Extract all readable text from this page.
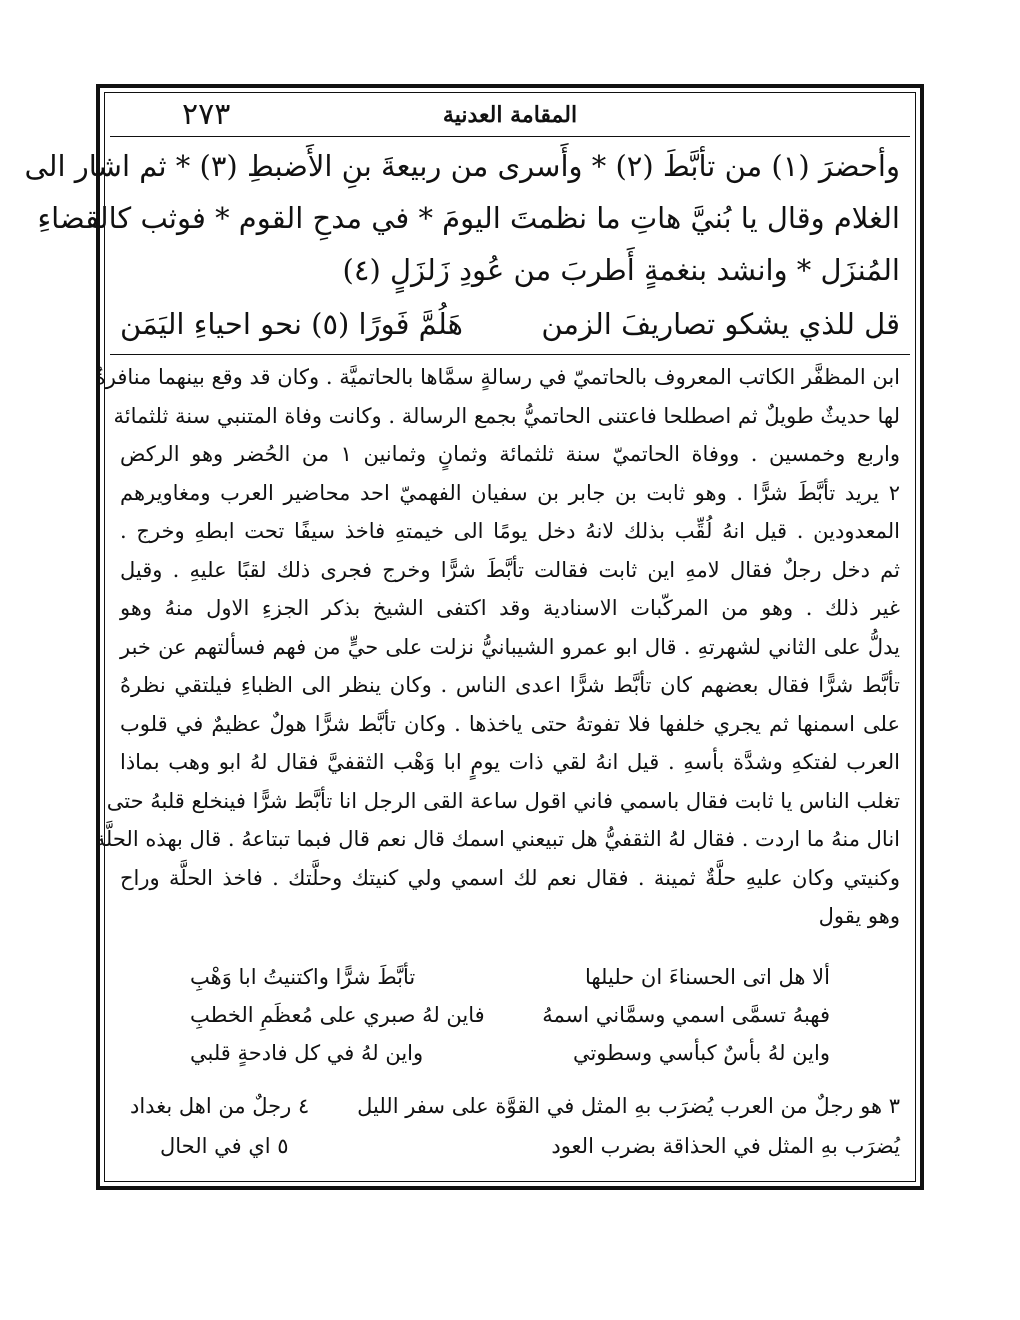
٢٧٣	المقامة العدنية
وأحضرَ (١) من تأبَّطَ (٢) * وأَسرى من ربيعةَ بنِ الأَضبطِ (٣) * ثم اشار الى
الغلام وقال يا بُنيَّ هاتِ ما نظمتَ اليومَ * في مدحِ القوم * فوثب كالقضاءِ
المُنزَل * وانشد بنغمةٍ أَطربَ من عُودِ زَلزَلٍ (٤)
قل للذي يشكو تصاريفَ الزمن
هَلُمَّ فَورًا (٥) نحو احياءِ اليَمَن
ابن المظفَّر الكاتب المعروف بالحاتميّ في رسالةٍ سمَّاها بالحاتميَّة . وكان قد وقع بينهما منافرةٌ
لها حديثٌ طويلٌ ثم اصطلحا فاعتنى الحاتميُّ بجمع الرسالة . وكانت وفاة المتنبي سنة ثلثمائة
واربع وخمسين . ووفاة الحاتميّ سنة ثلثمائة وثمانٍ وثمانين ١ من الحُضر وهو الركض
٢ يريد تأبَّطَ شرًّا . وهو ثابت بن جابر بن سفيان الفهميّ احد محاضير العرب ومغاويرهم
المعدودين . قيل انهُ لُقِّب بذلك لانهُ دخل يومًا الى خيمتهِ فاخذ سيفًا تحت ابطهِ وخرج .
ثم دخل رجلٌ فقال لامهِ اين ثابت فقالت تأبَّطَ شرًّا وخرج فجرى ذلك لقبًا عليهِ . وقيل
غير ذلك . وهو من المركّبات الاسنادية وقد اكتفى الشيخ بذكر الجزءِ الاول منهُ وهو
يدلُّ على الثاني لشهرتهِ . قال ابو عمرو الشيبانيُّ نزلت على حيٍّ من فهم فسألتهم عن خبر
تأبَّط شرًّا فقال بعضهم كان تأبَّط شرًّا اعدى الناس . وكان ينظر الى الظباءِ فيلتقي نظرهُ
على اسمنها ثم يجري خلفها فلا تفوتهُ حتى ياخذها . وكان تأبَّط شرًّا هولٌ عظيمٌ في قلوب
العرب لفتكهِ وشدَّة بأسهِ . قيل انهُ لقي ذات يومٍ ابا وَهْب الثقفيَّ فقال لهُ ابو وهب بماذا
تغلب الناس يا ثابت فقال باسمي فاني اقول ساعة القى الرجل انا تأبَّط شرًّا فينخلع قلبهُ حتى
انال منهُ ما اردت . فقال لهُ الثقفيُّ هل تبيعني اسمك قال نعم قال فبما تبتاعهُ . قال بهذه الحلَّة
وكنيتي وكان عليهِ حلَّةٌ ثمينة . فقال نعم لك اسمي ولي كنيتك وحلَّتك . فاخذ الحلَّة وراح
وهو يقول
ألا هل اتى الحسناءَ ان حليلها
تأبَّطَ شرًّا واكتنيتُ ابا وَهْبِ
فهبهُ تسمَّى اسمي وسمَّاني اسمهُ
فاين لهُ صبري على مُعظَمِ الخطبِ
واين لهُ بأسٌ كبأسي وسطوتي
واين لهُ في كل فادحةٍ قلبي
٣ هو رجلٌ من العرب يُضرَب بهِ المثل في القوَّة على سفر الليل
٤ رجلٌ من اهل بغداد
يُضرَب بهِ المثل في الحذاقة بضرب العود
٥ اي في الحال
